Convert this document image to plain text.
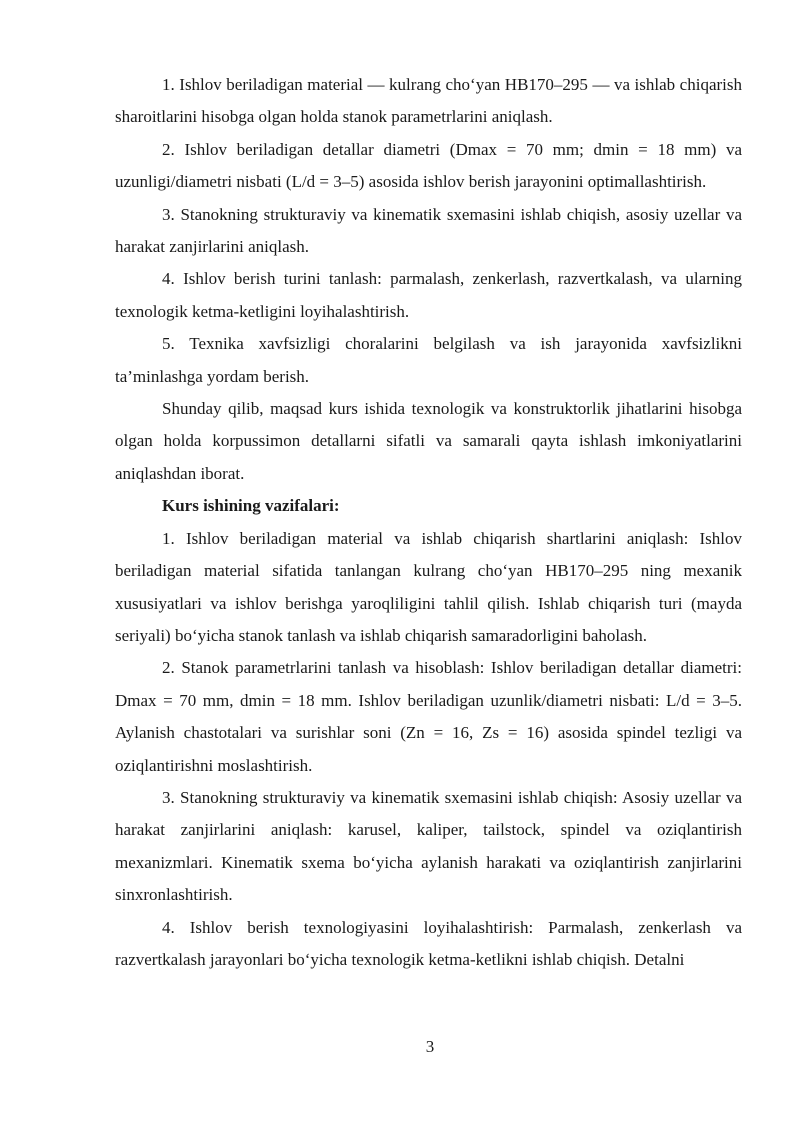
1. Ishlov beriladigan material — kulrang cho‘yan HB170–295 — va ishlab chiqarish sharoitlarini hisobga olgan holda stanok parametrlarini aniqlash.

2. Ishlov beriladigan detallar diametri (Dmax = 70 mm; dmin = 18 mm) va uzunligi/diametri nisbati (L/d = 3–5) asosida ishlov berish jarayonini optimallashtirish.

3. Stanokning strukturaviy va kinematik sxemasini ishlab chiqish, asosiy uzellar va harakat zanjirlarini aniqlash.

4. Ishlov berish turini tanlash: parmalash, zenkerlash, razvertkalash, va ularning texnologik ketma-ketligini loyihalashtirish.

5. Texnika xavfsizligi choralarini belgilash va ish jarayonida xavfsizlikni ta’minlashga yordam berish.

Shunday qilib, maqsad kurs ishida texnologik va konstruktorlik jihatlarini hisobga olgan holda korpussimon detallarni sifatli va samarali qayta ishlash imkoniyatlarini aniqlashdan iborat.

Kurs ishining vazifalari:

1. Ishlov beriladigan material va ishlab chiqarish shartlarini aniqlash: Ishlov beriladigan material sifatida tanlangan kulrang cho‘yan HB170–295 ning mexanik xususiyatlari va ishlov berishga yaroqliligini tahlil qilish. Ishlab chiqarish turi (mayda seriyali) bo‘yicha stanok tanlash va ishlab chiqarish samaradorligini baholash.

2. Stanok parametrlarini tanlash va hisoblash: Ishlov beriladigan detallar diametri: Dmax = 70 mm, dmin = 18 mm. Ishlov beriladigan uzunlik/diametri nisbati: L/d = 3–5. Aylanish chastotalari va surishlar soni (Zn = 16, Zs = 16) asosida spindel tezligi va oziqlantirishni moslashtirish.

3. Stanokning strukturaviy va kinematik sxemasini ishlab chiqish: Asosiy uzellar va harakat zanjirlarini aniqlash: karusel, kaliper, tailstock, spindel va oziqlantirish mexanizmlari. Kinematik sxema bo‘yicha aylanish harakati va oziqlantirish zanjirlarini sinxronlashtirish.

4. Ishlov berish texnologiyasini loyihalashtirish: Parmalash, zenkerlash va razvertkalash jarayonlari bo‘yicha texnologik ketma-ketlikni ishlab chiqish. Detalni

3
